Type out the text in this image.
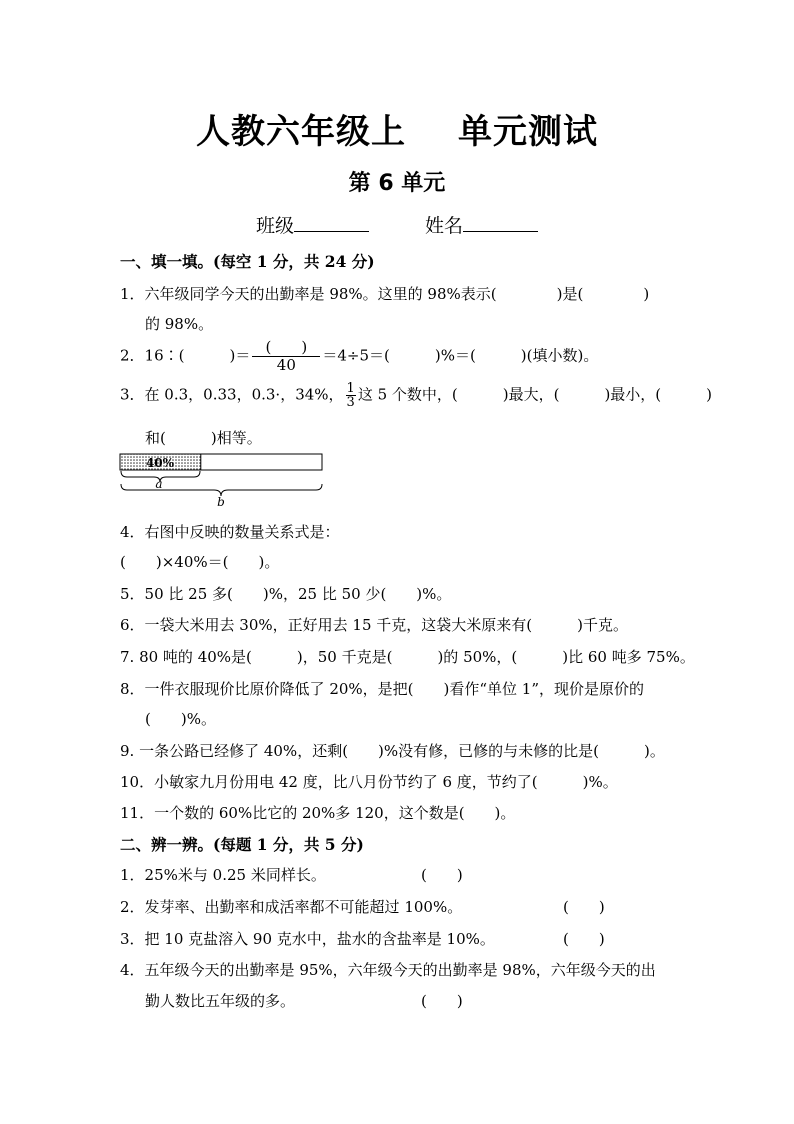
人教六年级上 单元测试
第 6 单元
班级	姓名
一、填一填。(每空 1 分，共 24 分)
1．六年级同学今天的出勤率是 98%。这里的 98%表示(　　　　)是(　　　　)
的 98%。
2．16∶(　　　)＝ $\frac{( )}{40} =4\div 5=$(　　　)%＝(　　　)(填小数)。
3．在 0.3，0.33，0.3·，34%， $\frac{1}{3}$ 这 5 个数中，(　　　)最大，(　　　)最小，(　　　)
和(　　　)相等。
40%
a
b
4．右图中反映的数量关系式是：
(　　)×40%＝(　　)。
5．50 比 25 多(　　)%，25 比 50 少(　　)%。
6．一袋大米用去 30%，正好用去 15 千克，这袋大米原来有(　　　)千克。
7. 80 吨的 40%是(　　　)，50 千克是(　　　)的 50%，(　　　)比 60 吨多 75%。
8．一件衣服现价比原价降低了 20%，是把(　　)看作“单位 1”，现价是原价的
(　　)%。
9. 一条公路已经修了 40%，还剩(　　)%没有修，已修的与未修的比是(　　　)。
10．小敏家九月份用电 42 度，比八月份节约了 6 度，节约了(　　　)%。
11．一个数的 60%比它的 20%多 120，这个数是(　　)。
二、辨一辨。(每题 1 分，共 5 分)
1．25%米与 0.25 米同样长。	(　　)
2．发芽率、出勤率和成活率都不可能超过 100%。	(　　)
3．把 10 克盐溶入 90 克水中，盐水的含盐率是 10%。	(　　)
4．五年级今天的出勤率是 95%，六年级今天的出勤率是 98%，六年级今天的出
勤人数比五年级的多。	(　　)
